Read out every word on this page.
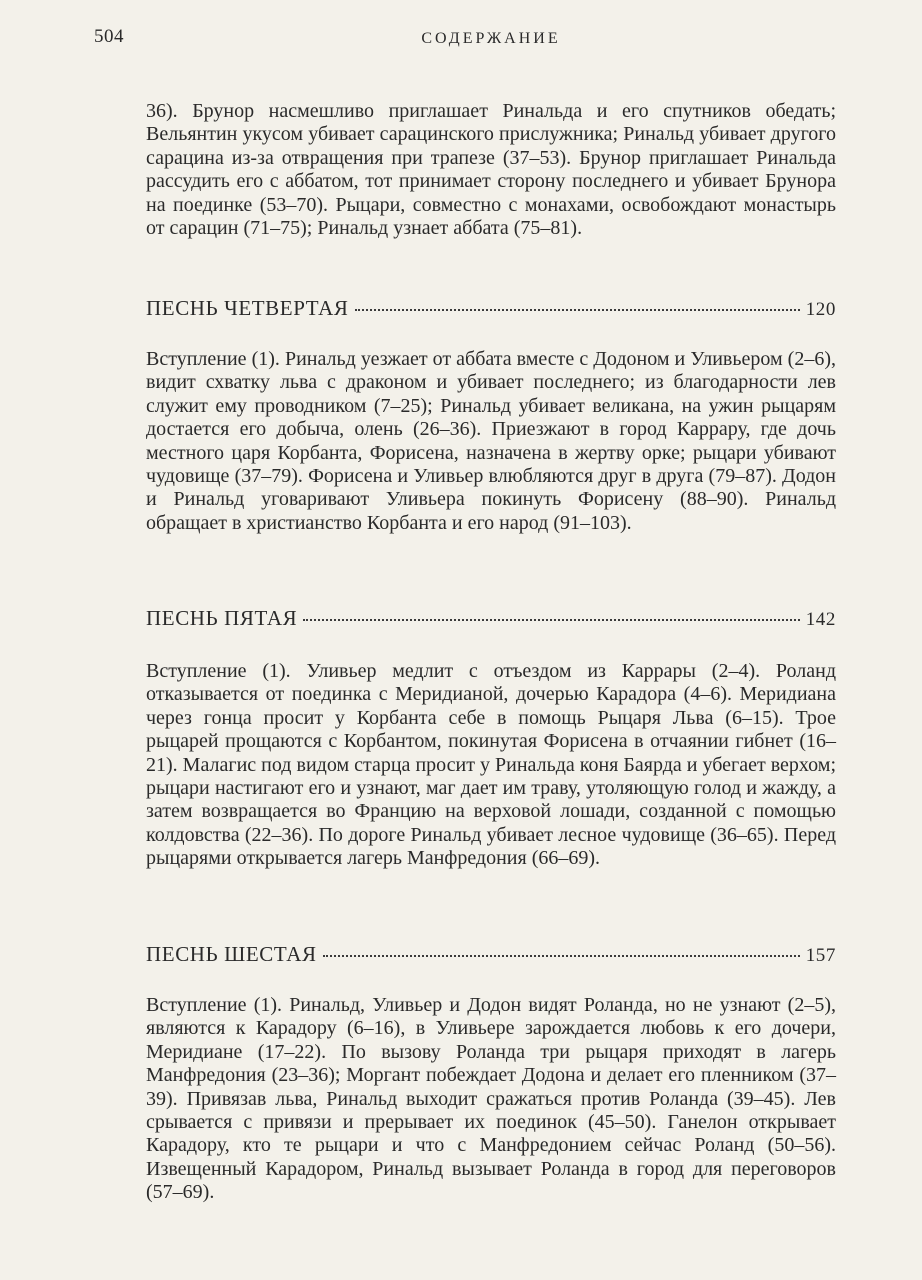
504	СОДЕРЖАНИЕ
36). Брунор насмешливо приглашает Ринальда и его спутников обедать; Вельянтин укусом убивает сарацинского прислужника; Ринальд убивает другого сарацина из-за отвращения при трапезе (37–53). Брунор приглашает Ринальда рассудить его с аббатом, тот принимает сторону последнего и убивает Брунора на поединке (53–70). Рыцари, совместно с монахами, освобождают монастырь от сарацин (71–75); Ринальд узнает аббата (75–81).
ПЕСНЬ ЧЕТВЕРТАЯ	120
Вступление (1). Ринальд уезжает от аббата вместе с Додоном и Уливьером (2–6), видит схватку льва с драконом и убивает последнего; из благодарности лев служит ему проводником (7–25); Ринальд убивает великана, на ужин рыцарям достается его добыча, олень (26–36). Приезжают в город Каррару, где дочь местного царя Корбанта, Форисена, назначена в жертву орке; рыцари убивают чудовище (37–79). Форисена и Уливьер влюбляются друг в друга (79–87). Додон и Ринальд уговаривают Уливьера покинуть Форисену (88–90). Ринальд обращает в христианство Корбанта и его народ (91–103).
ПЕСНЬ ПЯТАЯ	142
Вступление (1). Уливьер медлит с отъездом из Каррары (2–4). Роланд отказывается от поединка с Меридианой, дочерью Карадора (4–6). Меридиана через гонца просит у Корбанта себе в помощь Рыцаря Льва (6–15). Трое рыцарей прощаются с Корбантом, покинутая Форисена в отчаянии гибнет (16–21). Малагис под видом старца просит у Ринальда коня Баярда и убегает верхом; рыцари настигают его и узнают, маг дает им траву, утоляющую голод и жажду, а затем возвращается во Францию на верховой лошади, созданной с помощью колдовства (22–36). По дороге Ринальд убивает лесное чудовище (36–65). Перед рыцарями открывается лагерь Манфредония (66–69).
ПЕСНЬ ШЕСТАЯ	157
Вступление (1). Ринальд, Уливьер и Додон видят Роланда, но не узнают (2–5), являются к Карадору (6–16), в Уливьере зарождается любовь к его дочери, Меридиане (17–22). По вызову Роланда три рыцаря приходят в лагерь Манфредония (23–36); Моргант побеждает Додона и делает его пленником (37–39). Привязав льва, Ринальд выходит сражаться против Роланда (39–45). Лев срывается с привязи и прерывает их поединок (45–50). Ганелон открывает Карадору, кто те рыцари и что с Манфредонием сейчас Роланд (50–56). Извещенный Карадором, Ринальд вызывает Роланда в город для переговоров (57–69).
